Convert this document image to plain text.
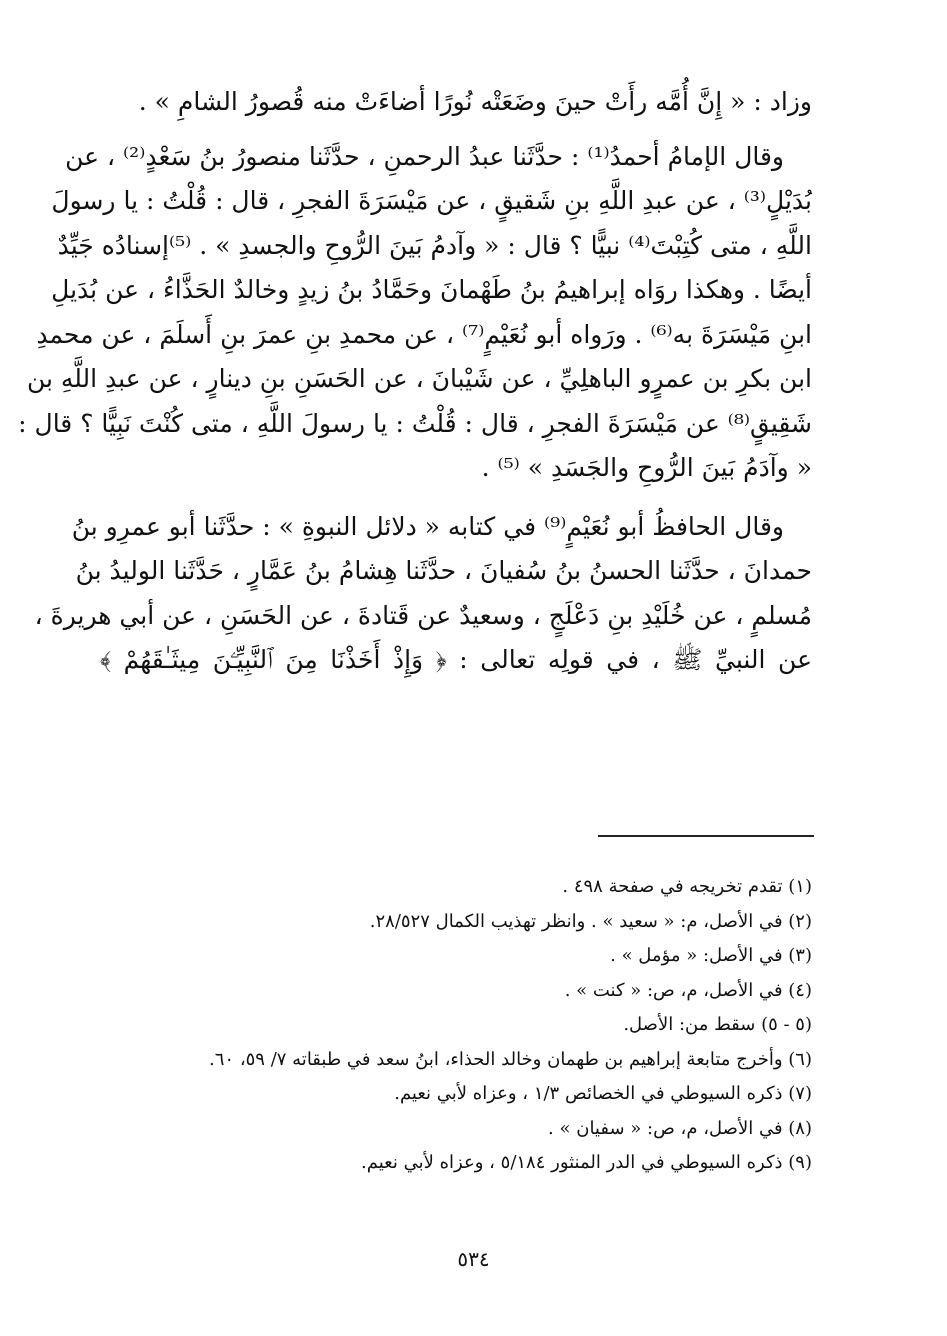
وزاد : « إِنَّ أُمَّه رأَتْ حينَ وضَعَتْه نُورًا أضاءَتْ منه قُصورُ الشامِ » .
وقال الإمامُ أحمدُ⁽¹⁾ : حدَّثَنا عبدُ الرحمنِ ، حدَّثَنا منصورُ بنُ سَعْدٍ⁽²⁾ ، عن
بُدَيْلٍ⁽³⁾ ، عن عبدِ اللَّهِ بنِ شَقيقٍ ، عن مَيْسَرَةَ الفجرِ ، قال : قُلْتُ : يا رسولَ
اللَّهِ ، متى كُتِبْتَ⁽⁴⁾ نبيًّا ؟ قال : « وآدمُ بَينَ الرُّوحِ والجسدِ » . ⁽⁵⁾إسنادُه جَيِّدٌ
أيضًا . وهكذا روَاه إبراهيمُ بنُ طَهْمانَ وحَمَّادُ بنُ زيدٍ وخالدٌ الحَذَّاءُ ، عن بُدَيلِ
ابنِ مَيْسَرَةَ به⁽⁶⁾ . ورَواه أبو نُعَيْمٍ⁽⁷⁾ ، عن محمدِ بنِ عمرَ بنِ أَسلَمَ ، عن محمدِ
ابن بكرِ بن عمرٍو الباهلِيِّ ، عن شَيْبانَ ، عن الحَسَنِ بنِ دينارٍ ، عن عبدِ اللَّهِ بن
شَقِيقٍ⁽⁸⁾ عن مَيْسَرَةَ الفجرِ ، قال : قُلْتُ : يا رسولَ اللَّهِ ، متى كُنْتَ نَبِيًّا ؟ قال :
« وآدَمُ بَينَ الرُّوحِ والجَسَدِ » ⁽⁵⁾ .
وقال الحافظُ أبو نُعَيْمٍ⁽⁹⁾ في كتابه « دلائل النبوةِ » : حدَّثَنا أبو عمرِو بنُ
حمدانَ ، حدَّثَنا الحسنُ بنُ سُفيانَ ، حدَّثَنا هِشامُ بنُ عَمَّارٍ ، حَدَّثَنا الوليدُ بنُ
مُسلمٍ ، عن خُلَيْدِ بنِ دَعْلَجٍ ، وسعيدٌ عن قَتادةَ ، عن الحَسَنِ ، عن أبي هريرةَ ،
عن النبيِّ ﷺ ، في قولِه تعالى : ﴿ وَإِذْ أَخَذْنَا مِنَ ٱلنَّبِيِّـۧنَ مِيثَـٰقَهُمْ ﴾
(١) تقدم تخريجه في صفحة ٤٩٨ .
(٢) في الأصل، م: « سعيد » . وانظر تهذيب الكمال ٢٨/٥٢٧.
(٣) في الأصل: « مؤمل » .
(٤) في الأصل، م، ص: « كنت » .
(٥ - ٥) سقط من: الأصل.
(٦) وأخرج متابعة إبراهيم بن طهمان وخالد الحذاء، ابنُ سعد في طبقاته ٧/ ٥٩، ٦٠.
(٧) ذكره السيوطي في الخصائص ١/٣ ، وعزاه لأبي نعيم.
(٨) في الأصل، م، ص: « سفيان » .
(٩) ذكره السيوطي في الدر المنثور ٥/١٨٤ ، وعزاه لأبي نعيم.
٥٣٤
